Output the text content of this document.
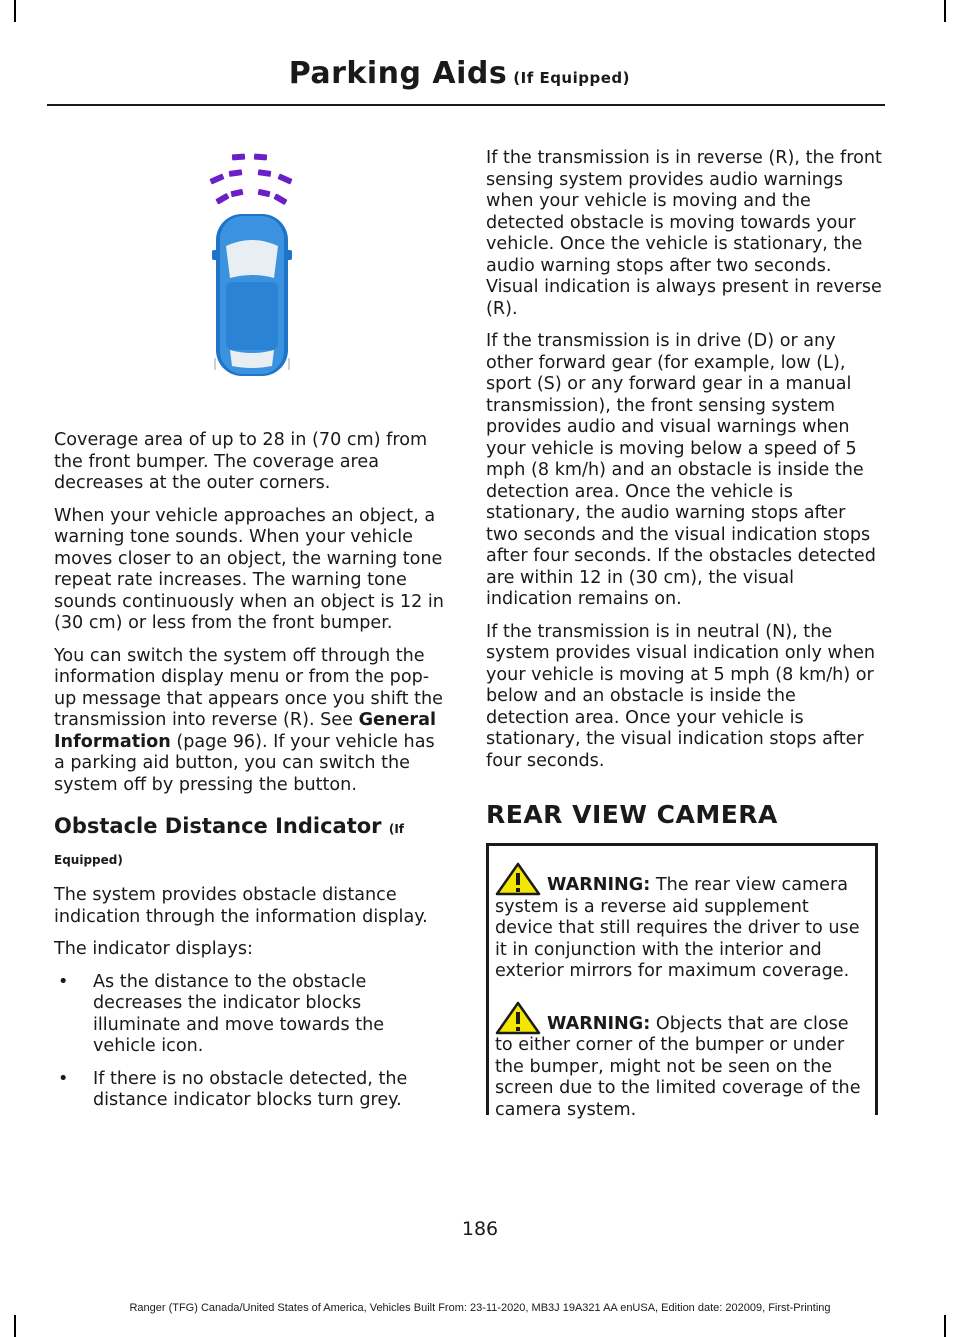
Parking Aids (If Equipped)

Coverage area of up to 28 in (70 cm) from the front bumper. The coverage area decreases at the outer corners.

When your vehicle approaches an object, a warning tone sounds. When your vehicle moves closer to an object, the warning tone repeat rate increases. The warning tone sounds continuously when an object is 12 in (30 cm) or less from the front bumper.

You can switch the system off through the information display menu or from the pop-up message that appears once you shift the transmission into reverse (R). See General Information (page 96). If your vehicle has a parking aid button, you can switch the system off by pressing the button.

Obstacle Distance Indicator (If Equipped)

The system provides obstacle distance indication through the information display.

The indicator displays:

•	As the distance to the obstacle decreases the indicator blocks illuminate and move towards the vehicle icon.
•	If there is no obstacle detected, the distance indicator blocks turn grey.

If the transmission is in reverse (R), the front sensing system provides audio warnings when your vehicle is moving and the detected obstacle is moving towards your vehicle. Once the vehicle is stationary, the audio warning stops after two seconds. Visual indication is always present in reverse (R).

If the transmission is in drive (D) or any other forward gear (for example, low (L), sport (S) or any forward gear in a manual transmission), the front sensing system provides audio and visual warnings when your vehicle is moving below a speed of 5 mph (8 km/h) and an obstacle is inside the detection area. Once the vehicle is stationary, the audio warning stops after two seconds and the visual indication stops after four seconds. If the obstacles detected are within 12 in (30 cm), the visual indication remains on.

If the transmission is in neutral (N), the system provides visual indication only when your vehicle is moving at 5 mph (8 km/h) or below and an obstacle is inside the detection area. Once your vehicle is stationary, the visual indication stops after four seconds.

REAR VIEW CAMERA

WARNING: The rear view camera system is a reverse aid supplement device that still requires the driver to use it in conjunction with the interior and exterior mirrors for maximum coverage.

WARNING: Objects that are close to either corner of the bumper or under the bumper, might not be seen on the screen due to the limited coverage of the camera system.

186
Ranger (TFG) Canada/United States of America, Vehicles Built From: 23-11-2020, MB3J 19A321 AA enUSA, Edition date: 202009, First-Printing
